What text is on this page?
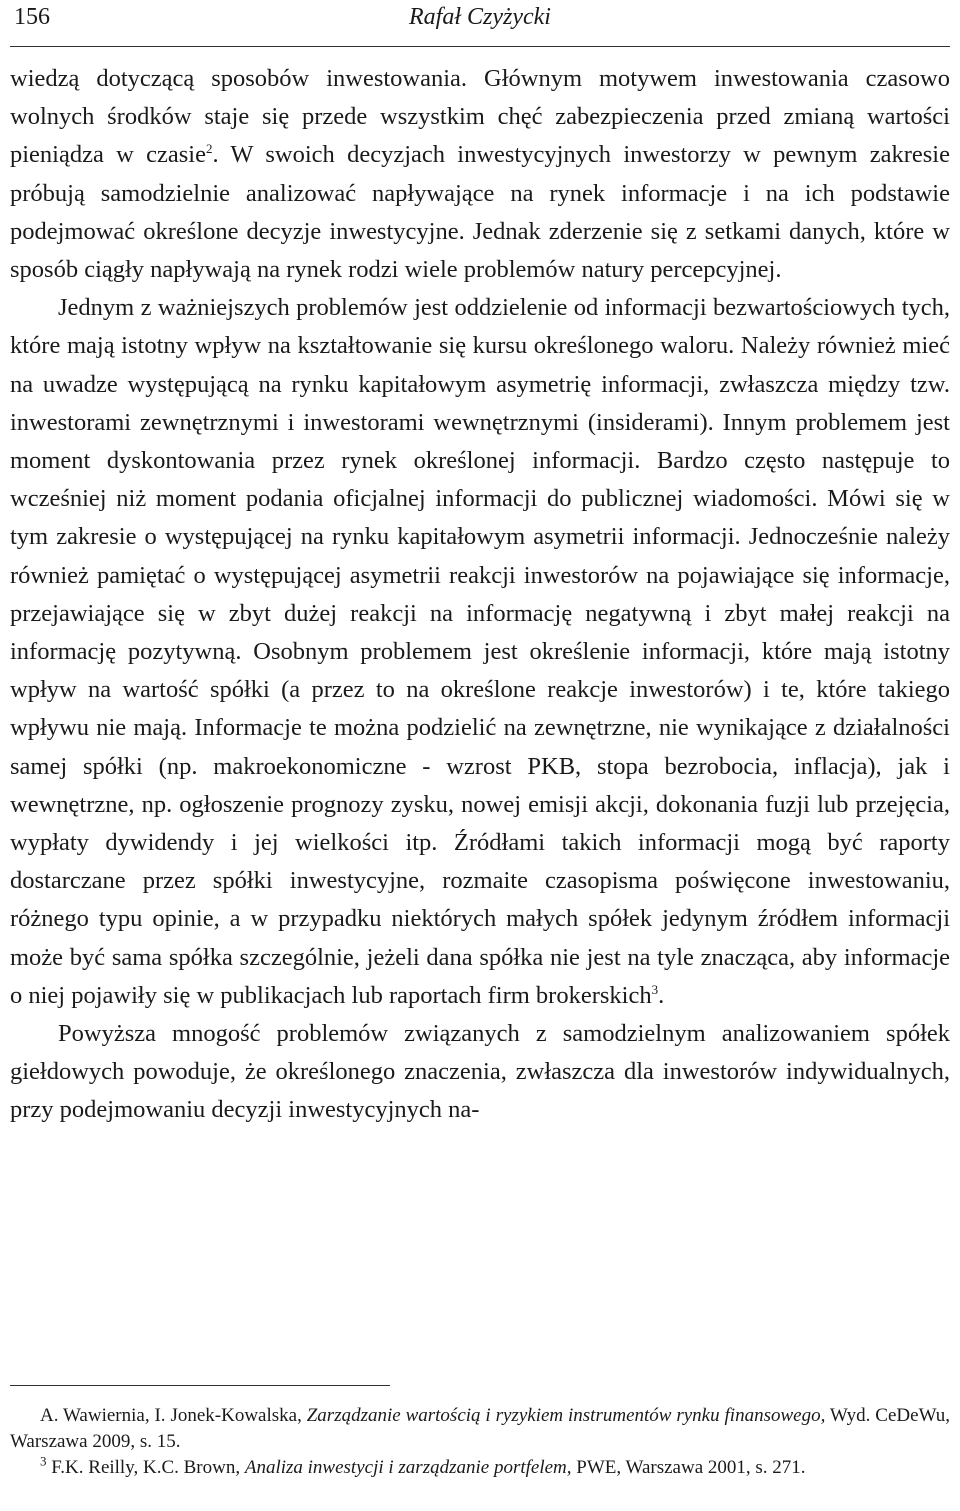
156	Rafał Czyżycki

wiedzą dotyczącą sposobów inwestowania. Głównym motywem inwestowania czasowo wolnych środków staje się przede wszystkim chęć zabezpieczenia przed zmianą wartości pieniądza w czasie$^2$. W swoich decyzjach inwestycyjnych inwestorzy w pewnym zakresie próbują samodzielnie analizować napływające na rynek informacje i na ich podstawie podejmować określone decyzje inwestycyjne. Jednak zderzenie się z setkami danych, które w sposób ciągły napływają na rynek rodzi wiele problemów natury percepcyjnej.

Jednym z ważniejszych problemów jest oddzielenie od informacji bezwartościowych tych, które mają istotny wpływ na kształtowanie się kursu określonego waloru. Należy również mieć na uwadze występującą na rynku kapitałowym asymetrię informacji, zwłaszcza między tzw. inwestorami zewnętrznymi i inwestorami wewnętrznymi (insiderami). Innym problemem jest moment dyskontowania przez rynek określonej informacji. Bardzo często następuje to wcześniej niż moment podania oficjalnej informacji do publicznej wiadomości. Mówi się w tym zakresie o występującej na rynku kapitałowym asymetrii informacji. Jednocześnie należy również pamiętać o występującej asymetrii reakcji inwestorów na pojawiające się informacje, przejawiające się w zbyt dużej reakcji na informację negatywną i zbyt małej reakcji na informację pozytywną. Osobnym problemem jest określenie informacji, które mają istotny wpływ na wartość spółki (a przez to na określone reakcje inwestorów) i te, które takiego wpływu nie mają. Informacje te można podzielić na zewnętrzne, nie wynikające z działalności samej spółki (np. makroekonomiczne - wzrost PKB, stopa bezrobocia, inflacja), jak i wewnętrzne, np. ogłoszenie prognozy zysku, nowej emisji akcji, dokonania fuzji lub przejęcia, wypłaty dywidendy i jej wielkości itp. Źródłami takich informacji mogą być raporty dostarczane przez spółki inwestycyjne, rozmaite czasopisma poświęcone inwestowaniu, różnego typu opinie, a w przypadku niektórych małych spółek jedynym źródłem informacji może być sama spółka szczególnie, jeżeli dana spółka nie jest na tyle znacząca, aby informacje o niej pojawiły się w publikacjach lub raportach firm brokerskich$^3$.

Powyższa mnogość problemów związanych z samodzielnym analizowaniem spółek giełdowych powoduje, że określonego znaczenia, zwłaszcza dla inwestorów indywidualnych, przy podejmowaniu decyzji inwestycyjnych na-

A. Wawiernia, I. Jonek-Kowalska, Zarządzanie wartością i ryzykiem instrumentów rynku finansowego, Wyd. CeDeWu, Warszawa 2009, s. 15.

$^3$ F.K. Reilly, K.C. Brown, Analiza inwestycji i zarządzanie portfelem, PWE, Warszawa 2001, s. 271.
